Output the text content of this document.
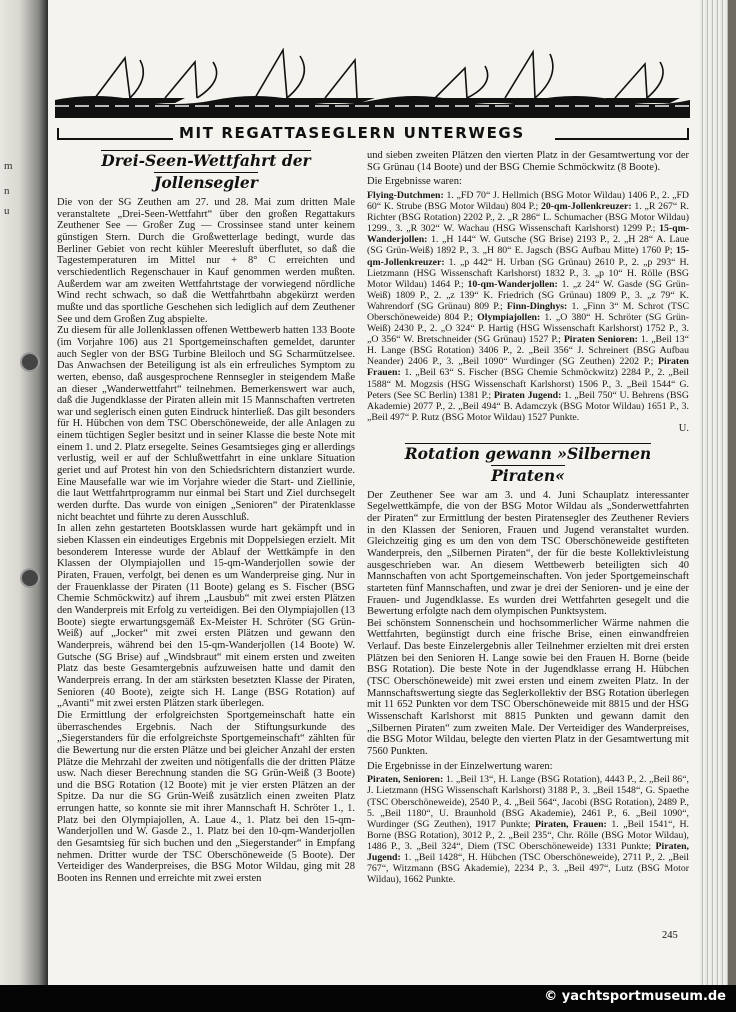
m
n
u
MIT REGATTASEGLERN UNTERWEGS
Drei-Seen-Wettfahrt der Jollensegler

Die von der SG Zeuthen am 27. und 28. Mai zum dritten Male veranstaltete „Drei-Seen-Wettfahrt“ über den großen Regattakurs Zeuthener See — Großer Zug — Crossinsee stand unter keinem günstigen Stern. Durch die Großwetterlage bedingt, wurde das Berliner Gebiet von recht kühler Meeresluft überflutet, so daß die Tagestemperaturen im Mittel nur + 8° C erreichten und verschiedentlich Regenschauer in Kauf genommen werden mußten. Außerdem war am zweiten Wettfahrtstage der vorwiegend nördliche Wind recht schwach, so daß die Wettfahrtbahn abgekürzt werden mußte und das sportliche Geschehen sich lediglich auf dem Zeuthener See und dem Großen Zug abspielte.

Zu diesem für alle Jollenklassen offenen Wettbewerb hatten 133 Boote (im Vorjahre 106) aus 21 Sportgemeinschaften gemeldet, darunter auch Segler von der BSG Turbine Bleiloch und SG Scharmützelsee. Das Anwachsen der Beteiligung ist als ein erfreuliches Symptom zu werten, ebenso, daß ausgesprochene Rennsegler in steigendem Maße an dieser „Wanderwettfahrt“ teilnehmen. Bemerkenswert war auch, daß die Jugendklasse der Piraten allein mit 15 Mannschaften vertreten war und seglerisch einen guten Eindruck hinterließ. Das gilt besonders für H. Hübchen von dem TSC Oberschöneweide, der alle Anlagen zu einem tüchtigen Segler besitzt und in seiner Klasse die beste Note mit einem 1. und 2. Platz ersegelte. Seines Gesamtsieges ging er allerdings verlustig, weil er auf der Schlußwettfahrt in eine unklare Situation geriet und auf Protest hin von den Schiedsrichtern distanziert wurde. Eine Mausefalle war wie im Vorjahre wieder die Start- und Ziellinie, die laut Wettfahrtprogramm nur einmal bei Start und Ziel durchsegelt werden durfte. Das wurde von einigen „Senioren“ der Piratenklasse nicht beachtet und führte zu deren Ausschluß.

In allen zehn gestarteten Bootsklassen wurde hart gekämpft und in sieben Klassen ein eindeutiges Ergebnis mit Doppelsiegen erzielt. Mit besonderem Interesse wurde der Ablauf der Wettkämpfe in den Klassen der Olympiajollen und 15-qm-Wanderjollen sowie der Piraten, Frauen, verfolgt, bei denen es um Wanderpreise ging. Nur in der Frauenklasse der Piraten (11 Boote) gelang es S. Fischer (BSG Chemie Schmöckwitz) auf ihrem „Lausbub“ mit zwei ersten Plätzen den Wanderpreis mit Erfolg zu verteidigen. Bei den Olympiajollen (13 Boote) siegte erwartungsgemäß Ex-Meister H. Schröter (SG Grün-Weiß) auf „Jocker“ mit zwei ersten Plätzen und gewann den Wanderpreis, während bei den 15-qm-Wanderjollen (14 Boote) W. Gutsche (SG Brise) auf „Windsbraut“ mit einem ersten und zweiten Platz das beste Gesamtergebnis aufzuweisen hatte und damit den Wanderpreis errang. In der am stärksten besetzten Klasse der Piraten, Senioren (40 Boote), zeigte sich H. Lange (BSG Rotation) auf „Avanti“ mit zwei ersten Plätzen stark überlegen.

Die Ermittlung der erfolgreichsten Sportgemeinschaft hatte ein überraschendes Ergebnis. Nach der Stiftungsurkunde des „Siegerstanders für die erfolgreichste Sportgemeinschaft“ zählten für die Bewertung nur die ersten Plätze und bei gleicher Anzahl der ersten Plätze die Mehrzahl der zweiten und nötigenfalls die der dritten Plätze usw. Nach dieser Berechnung standen die SG Grün-Weiß (3 Boote) und die BSG Rotation (12 Boote) mit je vier ersten Plätzen an der Spitze. Da nur die SG Grün-Weiß zusätzlich einen zweiten Platz errungen hatte, so konnte sie mit ihrer Mannschaft H. Schröter 1., 1. Platz bei den Olympiajollen, A. Laue 4., 1. Platz bei den 15-qm-Wanderjollen und W. Gasde 2., 1. Platz bei den 10-qm-Wanderjollen den Gesamtsieg für sich buchen und den „Siegerstander“ in Empfang nehmen. Dritter wurde der TSC Oberschöneweide (5 Boote). Der Verteidiger des Wanderpreises, die BSG Motor Wildau, ging mit 28 Booten ins Rennen und erreichte mit zwei ersten

und sieben zweiten Plätzen den vierten Platz in der Gesamtwertung vor der SG Grünau (14 Boote) und der BSG Chemie Schmöckwitz (8 Boote).

Die Ergebnisse waren:

Flying-Dutchmen: 1. „FD 70“ J. Hellmich (BSG Motor Wildau) 1406 P., 2. „FD 60“ K. Strube (BSG Motor Wildau) 804 P.; 20-qm-Jollenkreuzer: 1. „R 267“ R. Richter (BSG Rotation) 2202 P., 2. „R 286“ L. Schumacher (BSG Motor Wildau) 1299., 3. „R 302“ W. Wachau (HSG Wissenschaft Karlshorst) 1299 P.; 15-qm-Wanderjollen: 1. „H 144“ W. Gutsche (SG Brise) 2193 P., 2. „H 28“ A. Laue (SG Grün-Weiß) 1892 P., 3. „H 80“ E. Jagsch (BSG Aufbau Mitte) 1760 P; 15-qm-Jollenkreuzer: 1. „p 442“ H. Urban (SG Grünau) 2610 P., 2. „p 293“ H. Lietzmann (HSG Wissenschaft Karlshorst) 1832 P., 3. „p 10“ H. Rölle (BSG Motor Wildau) 1464 P.; 10-qm-Wanderjollen: 1. „z 24“ W. Gasde (SG Grün-Weiß) 1809 P., 2. „z 139“ K. Friedrich (SG Grünau) 1809 P., 3. „z 79“ K. Wahrendorf (SG Grünau) 809 P.; Finn-Dinghys: 1. „Finn 3“ M. Schrot (TSC Oberschöneweide) 804 P.; Olympiajollen: 1. „O 380“ H. Schröter (SG Grün-Weiß) 2430 P., 2. „O 324“ P. Hartig (HSG Wissenschaft Karlshorst) 1752 P., 3. „O 356“ W. Bretschneider (SG Grünau) 1527 P.; Piraten Senioren: 1. „Beil 13“ H. Lange (BSG Rotation) 3406 P., 2. „Beil 356“ J. Schreinert (BSG Aufbau Neander) 2406 P., 3. „Beil 1090“ Wurdinger (SG Zeuthen) 2202 P.; Piraten Frauen: 1. „Beil 63“ S. Fischer (BSG Chemie Schmöckwitz) 2284 P., 2. „Beil 1588“ M. Mogzsis (HSG Wissenschaft Karlshorst) 1506 P., 3. „Beil 1544“ G. Peters (See SC Berlin) 1381 P.; Piraten Jugend: 1. „Beil 750“ U. Behrens (BSG Akademie) 2077 P., 2. „Beil 494“ B. Adamczyk (BSG Motor Wildau) 1651 P., 3. „Beil 497“ P. Rutz (BSG Motor Wildau) 1527 Punkte.

U.

Rotation gewann »Silbernen Piraten«

Der Zeuthener See war am 3. und 4. Juni Schauplatz interessanter Segelwettkämpfe, die von der BSG Motor Wildau als „Sonderwettfahrten der Piraten“ zur Ermittlung der besten Piratensegler des Zeuthener Reviers in den Klassen der Senioren, Frauen und Jugend veranstaltet wurden. Gleichzeitig ging es um den von dem TSC Oberschöneweide gestifteten Wanderpreis, den „Silbernen Piraten“, der für die beste Kollektivleistung ausgeschrieben war. An diesem Wettbewerb beteiligten sich 40 Mannschaften von acht Sportgemeinschaften. Von jeder Sportgemeinschaft starteten fünf Mannschaften, und zwar je drei der Senioren- und je eine der Frauen- und Jugendklasse. Es wurden drei Wettfahrten gesegelt und die Bewertung erfolgte nach dem olympischen Punktsystem.

Bei schönstem Sonnenschein und hochsommerlicher Wärme nahmen die Wettfahrten, begünstigt durch eine frische Brise, einen einwandfreien Verlauf. Das beste Einzelergebnis aller Teilnehmer erzielten mit drei ersten Plätzen bei den Senioren H. Lange sowie bei den Frauen H. Borne (beide BSG Rotation). Die beste Note in der Jugendklasse errang H. Hübchen (TSC Oberschöneweide) mit zwei ersten und einem zweiten Platz. In der Mannschaftswertung siegte das Seglerkollektiv der BSG Rotation überlegen mit 11 652 Punkten vor dem TSC Oberschöneweide mit 8815 und der HSG Wissenschaft Karlshorst mit 8815 Punkten und gewann damit den „Silbernen Piraten“ zum zweiten Male. Der Verteidiger des Wanderpreises, die BSG Motor Wildau, belegte den vierten Platz in der Gesamtwertung mit 7560 Punkten.

Die Ergebnisse in der Einzelwertung waren:

Piraten, Senioren: 1. „Beil 13“, H. Lange (BSG Rotation), 4443 P., 2. „Beil 86“, J. Lietzmann (HSG Wissenschaft Karlshorst) 3188 P., 3. „Beil 1548“, G. Spaethe (TSC Oberschöneweide), 2540 P., 4. „Beil 564“, Jacobi (BSG Rotation), 2489 P., 5. „Beil 1180“, U. Braunhold (BSG Akademie), 2461 P., 6. „Beil 1090“, Wurdinger (SG Zeuthen), 1917 Punkte; Piraten, Frauen: 1. „Beil 1541“, H. Borne (BSG Rotation), 3012 P., 2. „Beil 235“, Chr. Rölle (BSG Motor Wildau), 1486 P., 3. „Beil 324“, Diem (TSC Oberschöneweide) 1331 Punkte; Piraten, Jugend: 1. „Beil 1428“, H. Hübchen (TSC Oberschöneweide), 2711 P., 2. „Beil 767“, Witzmann (BSG Akademie), 2234 P., 3. „Beil 497“, Lutz (BSG Motor Wildau), 1662 Punkte.

245
© yachtsportmuseum.de
